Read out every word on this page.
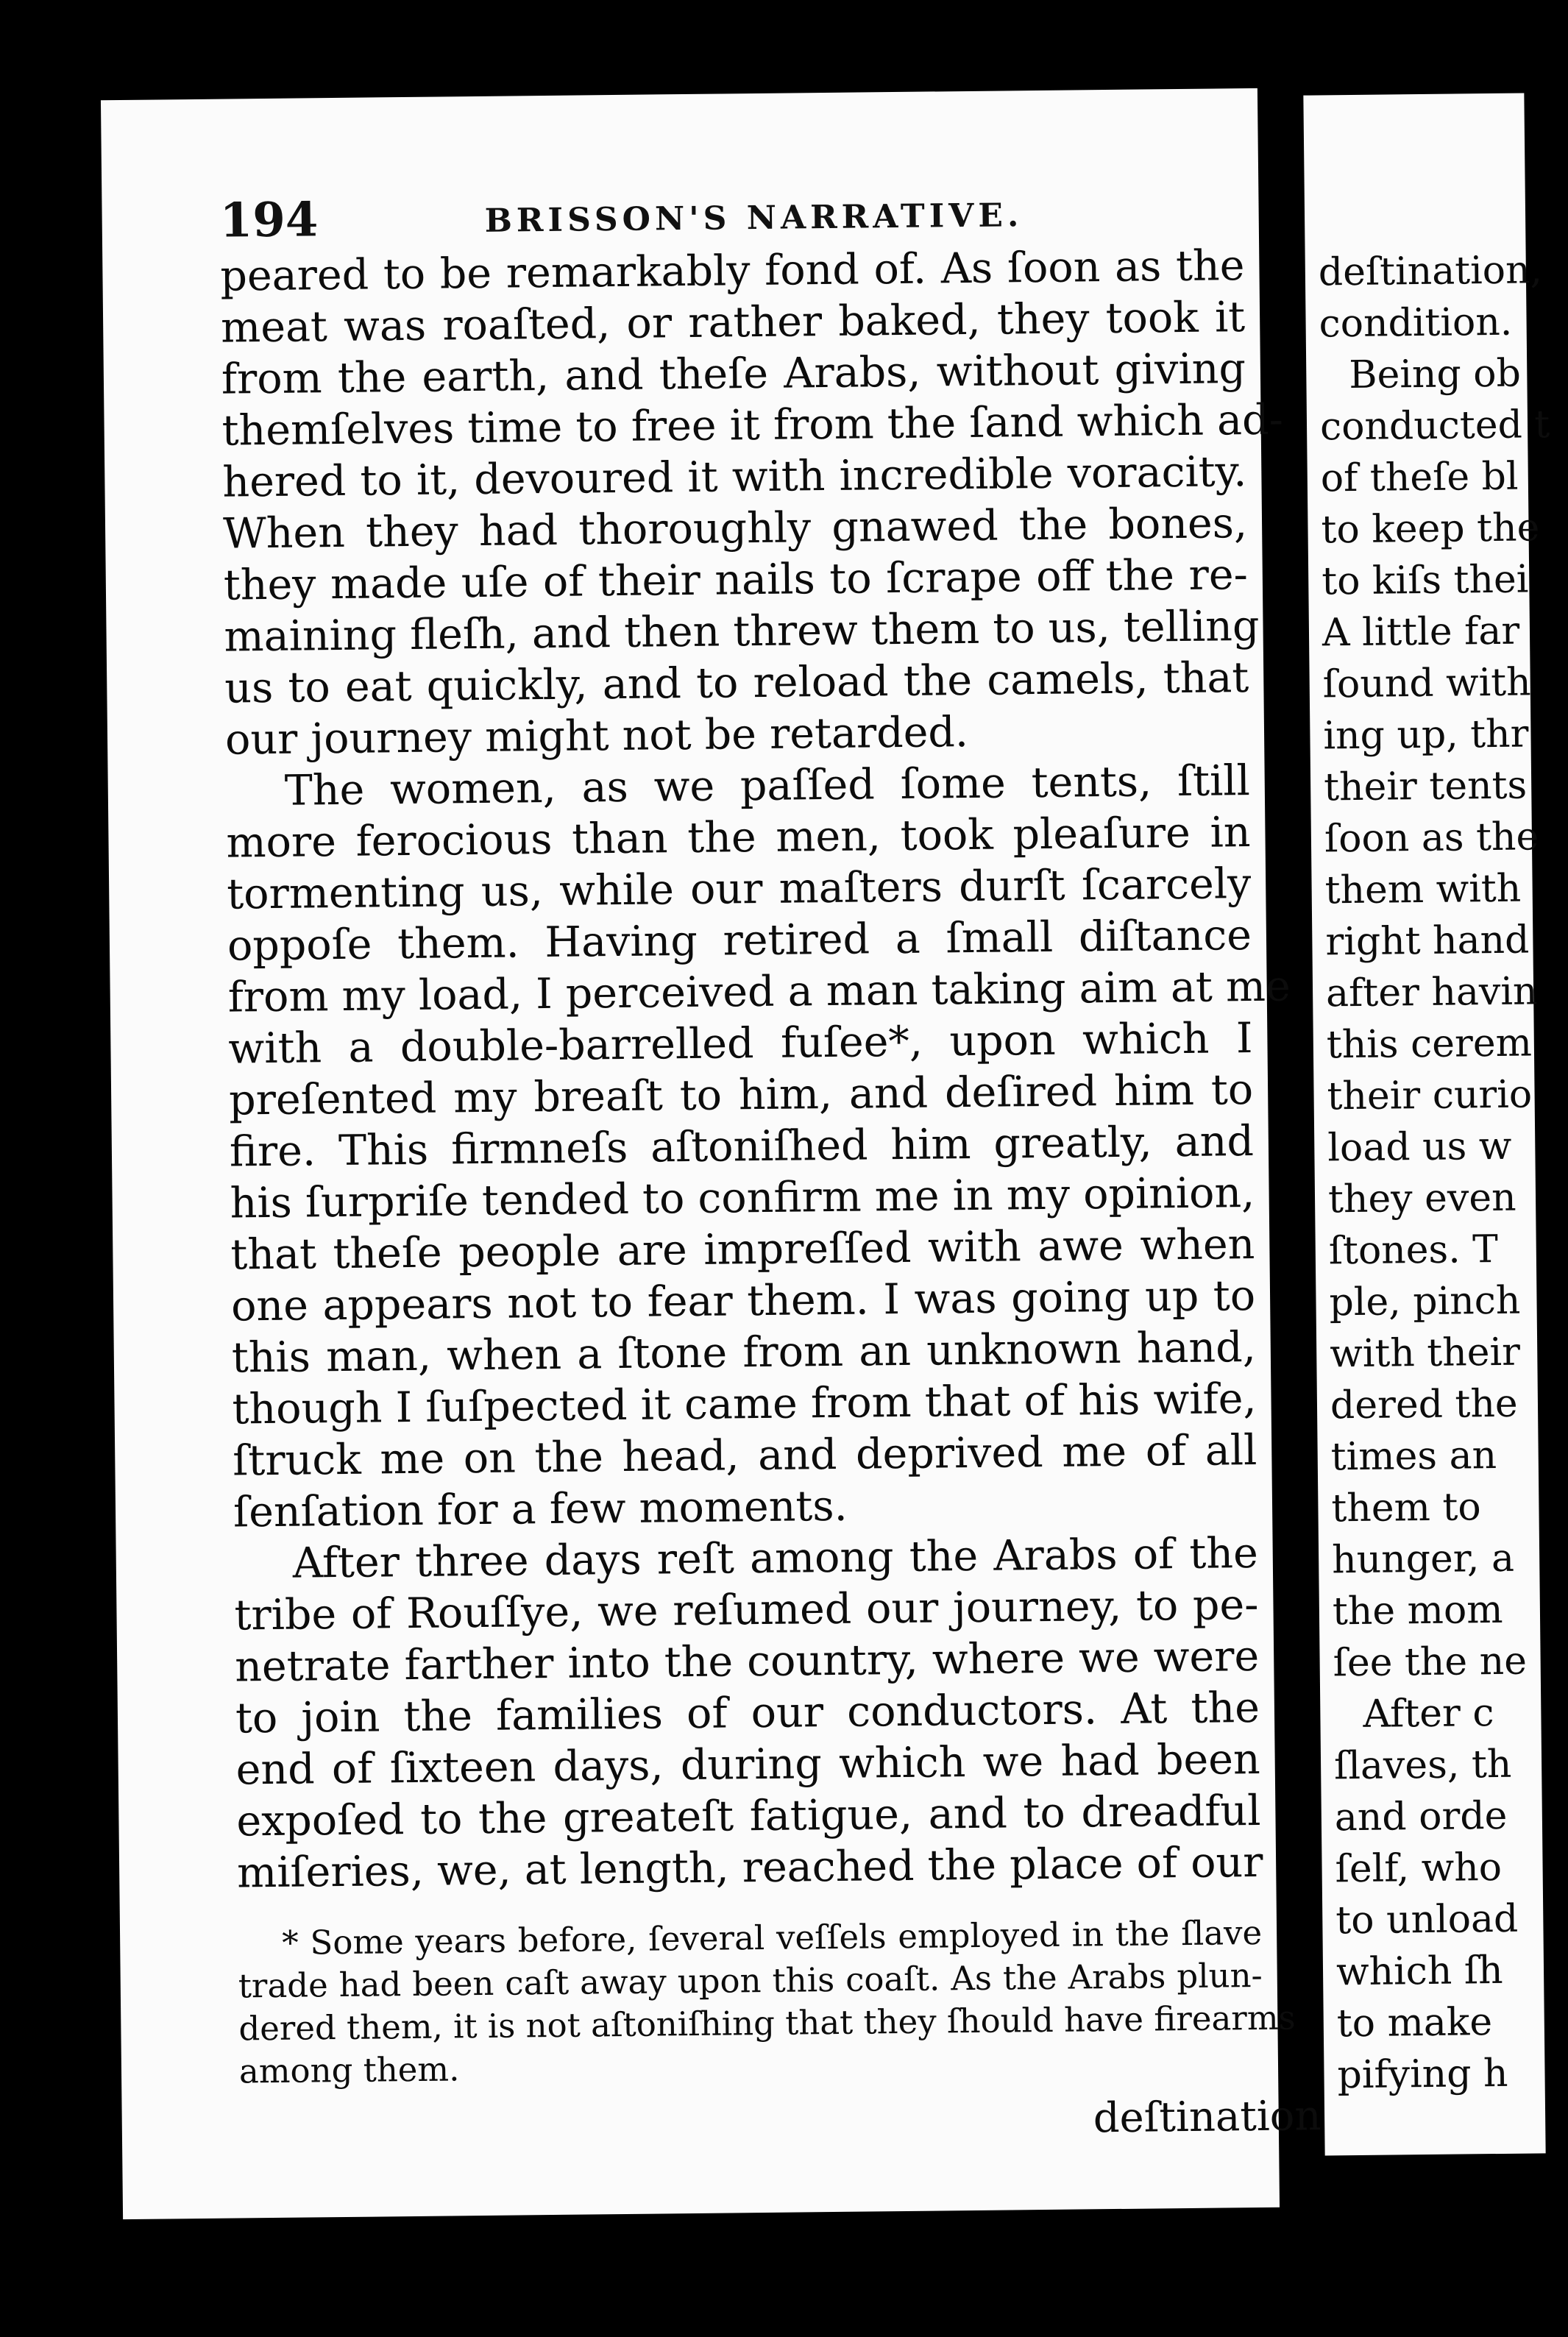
194	BRISSON'S NARRATIVE.
peared to be remarkably fond of. As ſoon as the
meat was roaſted, or rather baked, they took it
from the earth, and theſe Arabs, without giving
themſelves time to free it from the ſand which ad-
hered to it, devoured it with incredible voracity.
When they had thoroughly gnawed the bones,
they made uſe of their nails to ſcrape off the re-
maining fleſh, and then threw them to us, telling
us to eat quickly, and to reload the camels, that
our journey might not be retarded.
The women, as we paſſed ſome tents, ſtill
more ferocious than the men, took pleaſure in
tormenting us, while our maſters durſt ſcarcely
oppoſe them. Having retired a ſmall diſtance
from my load, I perceived a man taking aim at me
with a double-barrelled fuſee*, upon which I
preſented my breaſt to him, and deſired him to
fire. This firmneſs aſtoniſhed him greatly, and
his ſurpriſe tended to confirm me in my opinion,
that theſe people are impreſſed with awe when
one appears not to fear them. I was going up to
this man, when a ſtone from an unknown hand,
though I ſuſpected it came from that of his wife,
ſtruck me on the head, and deprived me of all
ſenſation for a few moments.
After three days reſt among the Arabs of the
tribe of Rouſſye, we reſumed our journey, to pe-
netrate farther into the country, where we were
to join the families of our conductors. At the
end of ſixteen days, during which we had been
expoſed to the greateſt fatigue, and to dreadful
miſeries, we, at length, reached the place of our
* Some years before, ſeveral veſſels employed in the ſlave
trade had been caſt away upon this coaſt. As the Arabs plun-
dered them, it is not aſtoniſhing that they ſhould have firearms
among them.
deſtination
deſtination,
condition.
Being ob
conducted t
of theſe bl
to keep the
to kiſs thei
A little far
ſound with
ing up, thr
their tents
ſoon as the
them with
right hand
after havin
this cerem
their curio
load us w
they even
ſtones. T
ple, pinch
with their
dered the
times an
them to
hunger, a
the mom
ſee the ne
After c
ſlaves, th
and orde
ſelf, who
to unload
which ſh
to make
pifying h
